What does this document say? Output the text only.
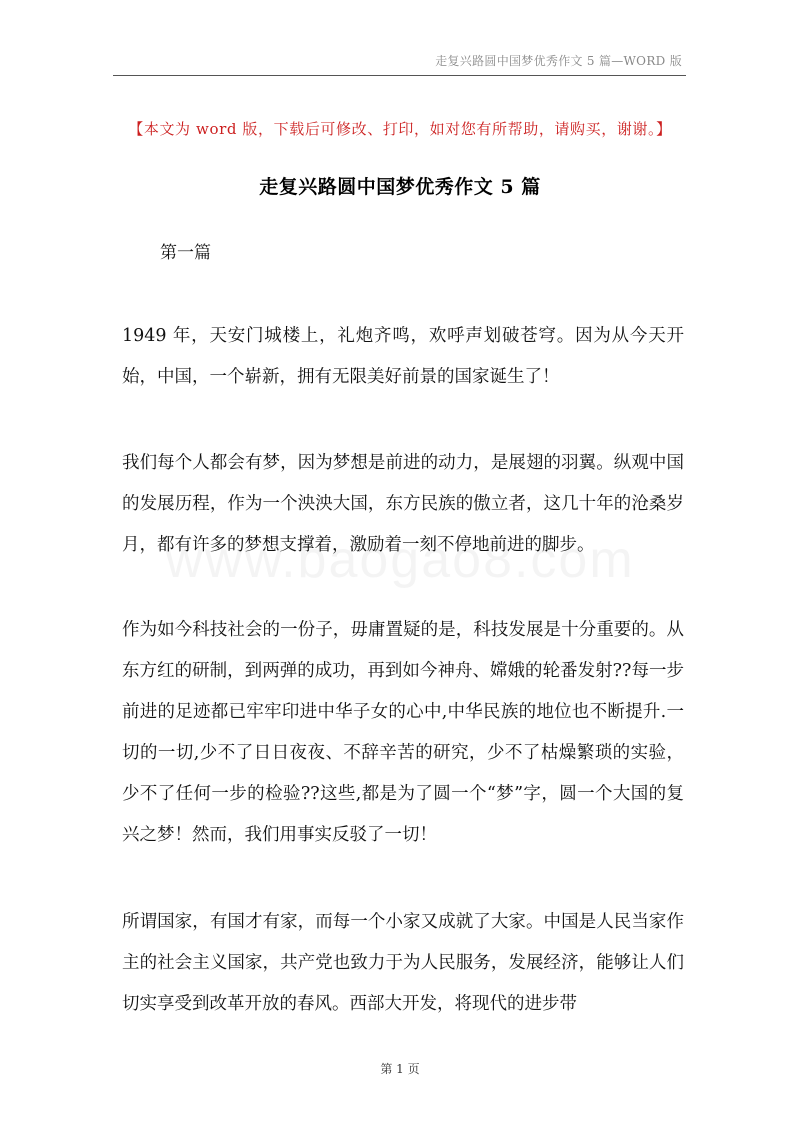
走复兴路圆中国梦优秀作文 5 篇—WORD 版
【本文为 word 版，下载后可修改、打印，如对您有所帮助，请购买，谢谢。】
走复兴路圆中国梦优秀作文 5 篇
第一篇

1949 年，天安门城楼上，礼炮齐鸣，欢呼声划破苍穹。因为从今天开始，中国，一个崭新，拥有无限美好前景的国家诞生了！

我们每个人都会有梦，因为梦想是前进的动力，是展翅的羽翼。纵观中国的发展历程，作为一个泱泱大国，东方民族的傲立者，这几十年的沧桑岁月，都有许多的梦想支撑着，激励着一刻不停地前进的脚步。

作为如今科技社会的一份子，毋庸置疑的是，科技发展是十分重要的。从东方红的研制，到两弹的成功，再到如今神舟、嫦娥的轮番发射??每一步前进的足迹都已牢牢印进中华子女的心中,中华民族的地位也不断提升.一切的一切,少不了日日夜夜、不辞辛苦的研究，少不了枯燥繁琐的实验，少不了任何一步的检验??这些,都是为了圆一个“梦”字，圆一个大国的复兴之梦！然而，我们用事实反驳了一切！

所谓国家，有国才有家，而每一个小家又成就了大家。中国是人民当家作主的社会主义国家，共产党也致力于为人民服务，发展经济，能够让人们切实享受到改革开放的春风。西部大开发，将现代的进步带

第 1 页
